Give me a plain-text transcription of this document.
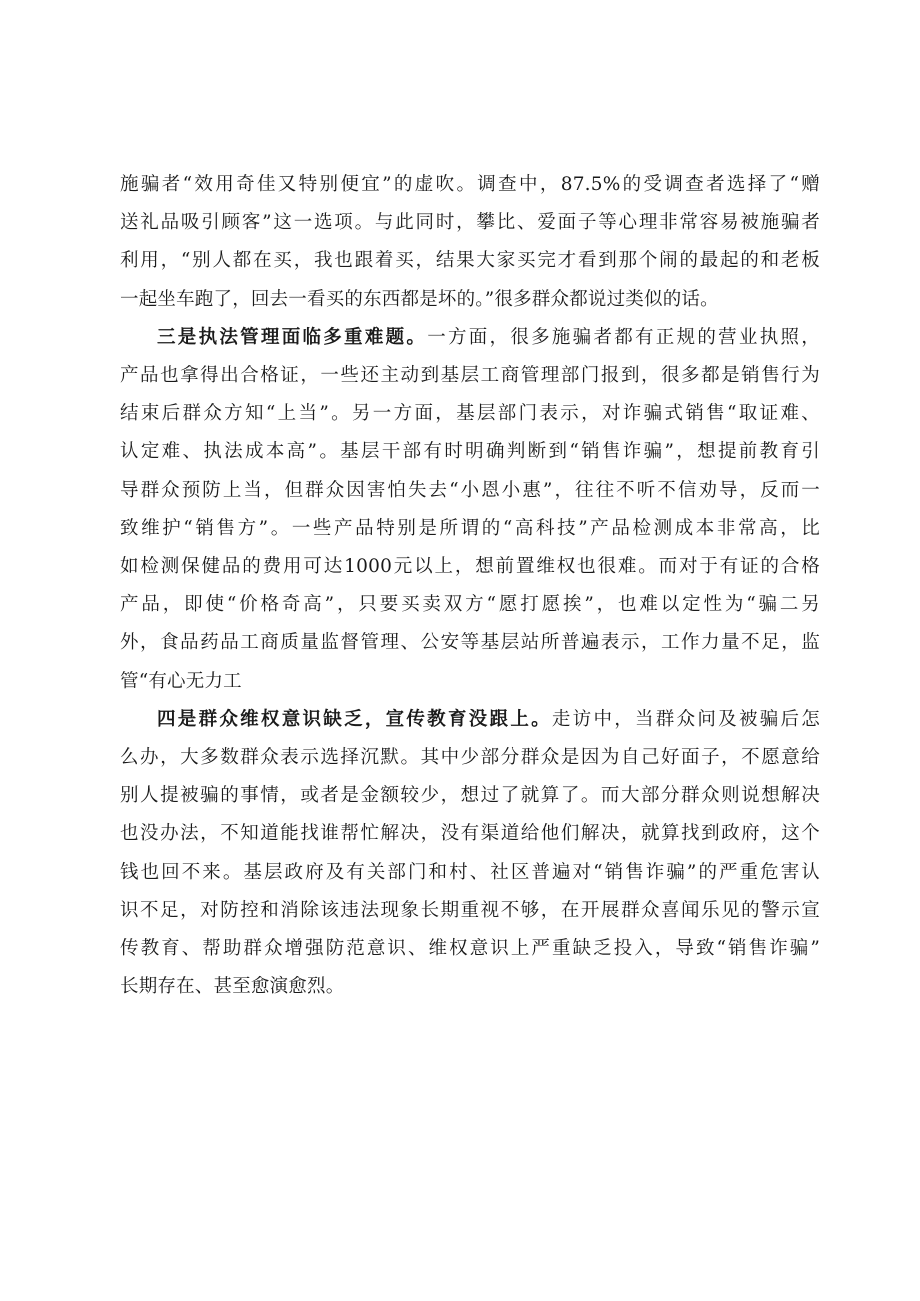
施骗者“效用奇佳又特别便宜”的虚吹。调查中，87.5%的受调查者选择了“赠
送礼品吸引顾客”这一选项。与此同时，攀比、爱面子等心理非常容易被施骗者
利用，“别人都在买，我也跟着买，结果大家买完才看到那个闹的最起的和老板
一起坐车跑了，回去一看买的东西都是坏的。”很多群众都说过类似的话。

三是执法管理面临多重难题。一方面，很多施骗者都有正规的营业执照，
产品也拿得出合格证，一些还主动到基层工商管理部门报到，很多都是销售行为
结束后群众方知“上当”。另一方面，基层部门表示，对诈骗式销售“取证难、
认定难、执法成本高”。基层干部有时明确判断到“销售诈骗”，想提前教育引
导群众预防上当，但群众因害怕失去“小恩小惠”，往往不听不信劝导，反而一
致维护“销售方”。一些产品特别是所谓的“高科技”产品检测成本非常高，比
如检测保健品的费用可达1000元以上，想前置维权也很难。而对于有证的合格
产品，即使“价格奇高”，只要买卖双方“愿打愿挨”，也难以定性为“骗二另
外，食品药品工商质量监督管理、公安等基层站所普遍表示，工作力量不足，监
管“有心无力工

四是群众维权意识缺乏，宣传教育没跟上。走访中，当群众问及被骗后怎
么办，大多数群众表示选择沉默。其中少部分群众是因为自己好面子，不愿意给
别人提被骗的事情，或者是金额较少，想过了就算了。而大部分群众则说想解决
也没办法，不知道能找谁帮忙解决，没有渠道给他们解决，就算找到政府，这个
钱也回不来。基层政府及有关部门和村、社区普遍对“销售诈骗”的严重危害认
识不足，对防控和消除该违法现象长期重视不够，在开展群众喜闻乐见的警示宣
传教育、帮助群众增强防范意识、维权意识上严重缺乏投入，导致“销售诈骗”
长期存在、甚至愈演愈烈。
